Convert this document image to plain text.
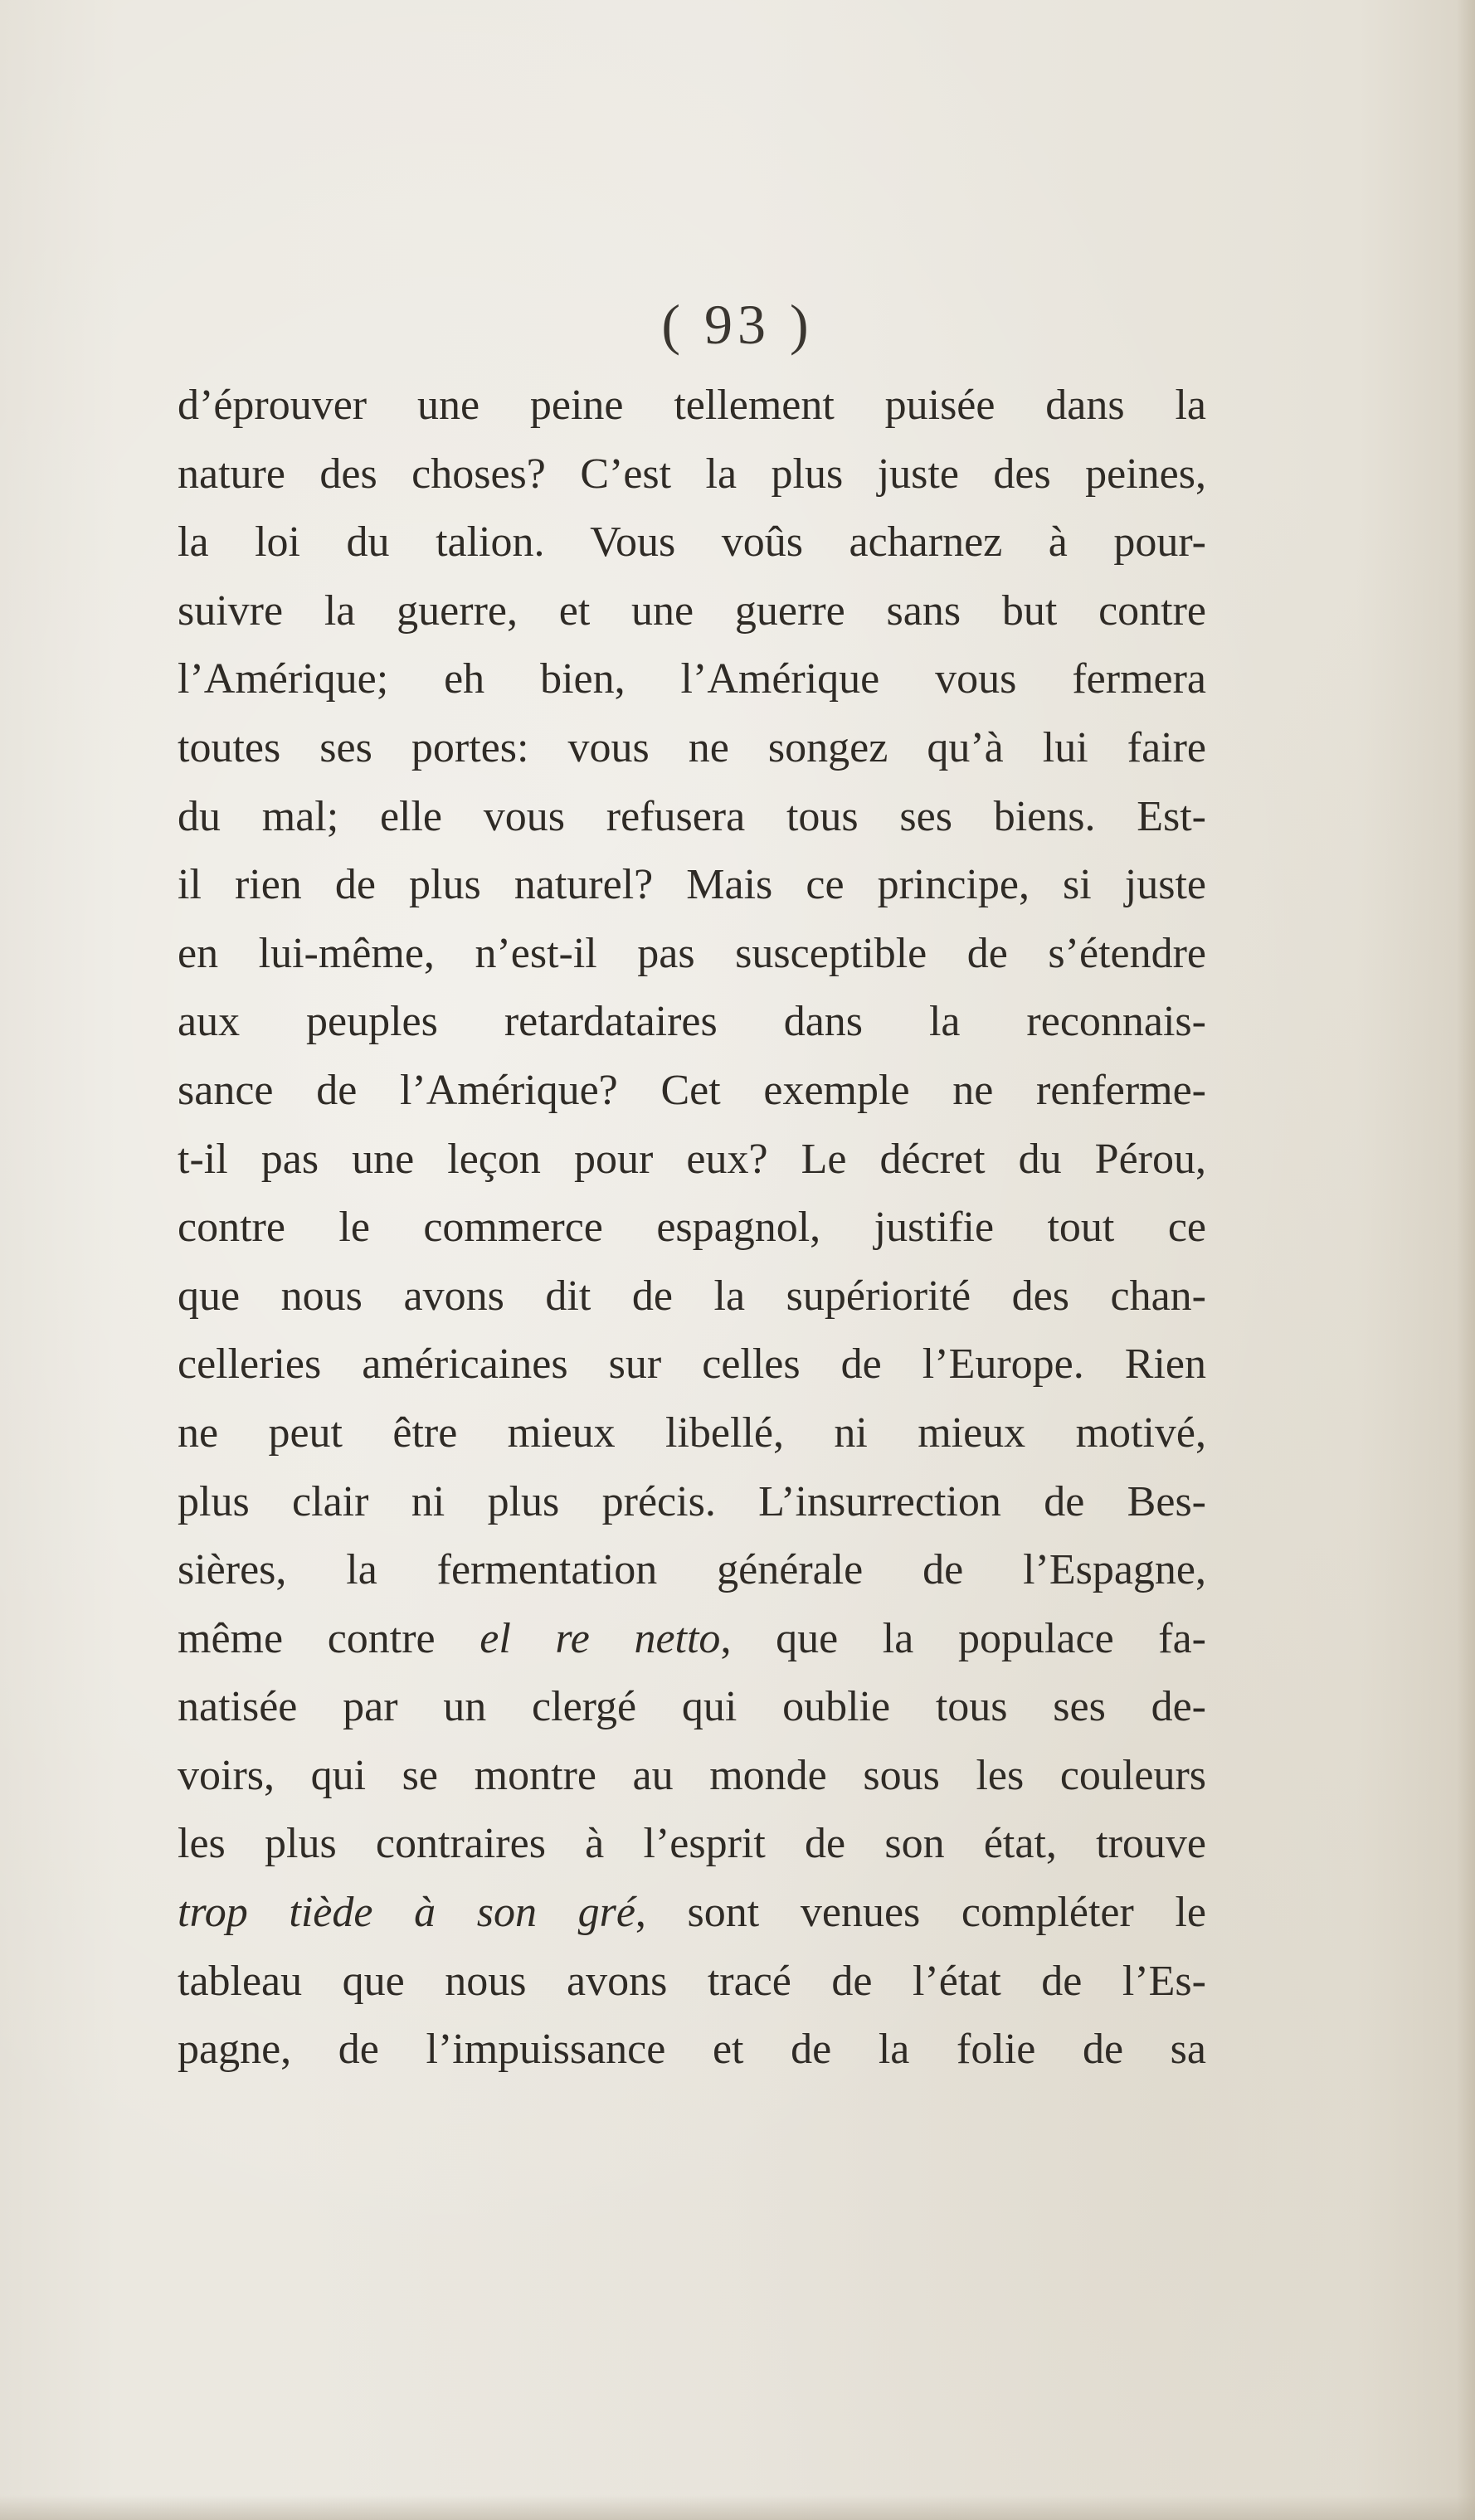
( 93 )
d’éprouver une peine tellement puisée dans la
nature des choses? C’est la plus juste des peines,
la loi du talion. Vous voûs acharnez à pour-
suivre la guerre, et une guerre sans but contre
l’Amérique; eh bien, l’Amérique vous fermera
toutes ses portes: vous ne songez qu’à lui faire
du mal; elle vous refusera tous ses biens. Est-
il rien de plus naturel? Mais ce principe, si juste
en lui-même, n’est-il pas susceptible de s’étendre
aux peuples retardataires dans la reconnais-
sance de l’Amérique? Cet exemple ne renferme-
t-il pas une leçon pour eux? Le décret du Pérou,
contre le commerce espagnol, justifie tout ce
que nous avons dit de la supériorité des chan-
celleries américaines sur celles de l’Europe. Rien
ne peut être mieux libellé, ni mieux motivé,
plus clair ni plus précis. L’insurrection de Bes-
sières, la fermentation générale de l’Espagne,
même contre el re netto, que la populace fa-
natisée par un clergé qui oublie tous ses de-
voirs, qui se montre au monde sous les couleurs
les plus contraires à l’esprit de son état, trouve
trop tiède à son gré, sont venues compléter le
tableau que nous avons tracé de l’état de l’Es-
pagne, de l’impuissance et de la folie de sa
